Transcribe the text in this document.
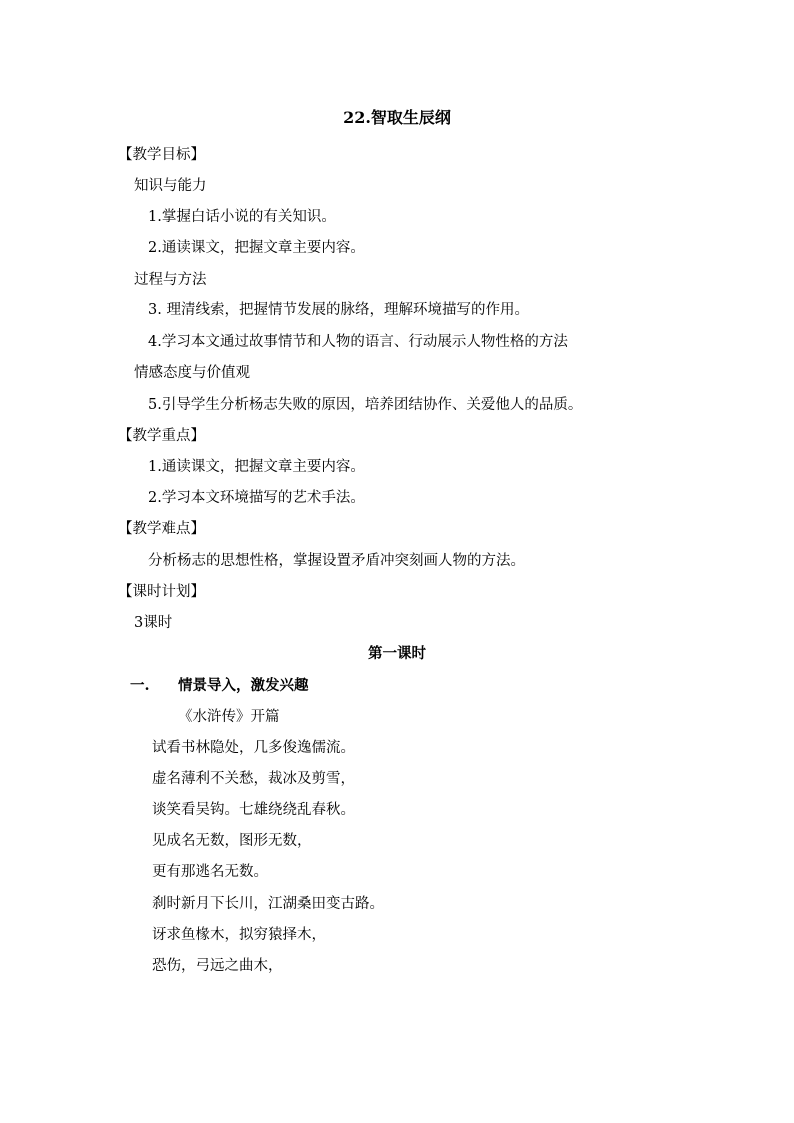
22.智取生辰纲
【教学目标】
知识与能力
1.掌握白话小说的有关知识。
2.通读课文，把握文章主要内容。
过程与方法
3. 理清线索，把握情节发展的脉络，理解环境描写的作用。
4.学习本文通过故事情节和人物的语言、行动展示人物性格的方法
情感态度与价值观
5.引导学生分析杨志失败的原因，培养团结协作、关爱他人的品质。
【教学重点】
1.通读课文，把握文章主要内容。
2.学习本文环境描写的艺术手法。
【教学难点】
分析杨志的思想性格，掌握设置矛盾冲突刻画人物的方法。
【课时计划】
3课时
第一课时
一. 情景导入，激发兴趣
《水浒传》开篇
试看书林隐处，几多俊逸儒流。
虚名薄利不关愁，裁冰及剪雪，
谈笑看吴钩。七雄绕绕乱春秋。
见成名无数，图形无数，
更有那逃名无数。
刹时新月下长川，江湖桑田变古路。
讶求鱼椽木，拟穷猿择木，
恐伤，弓远之曲木，
